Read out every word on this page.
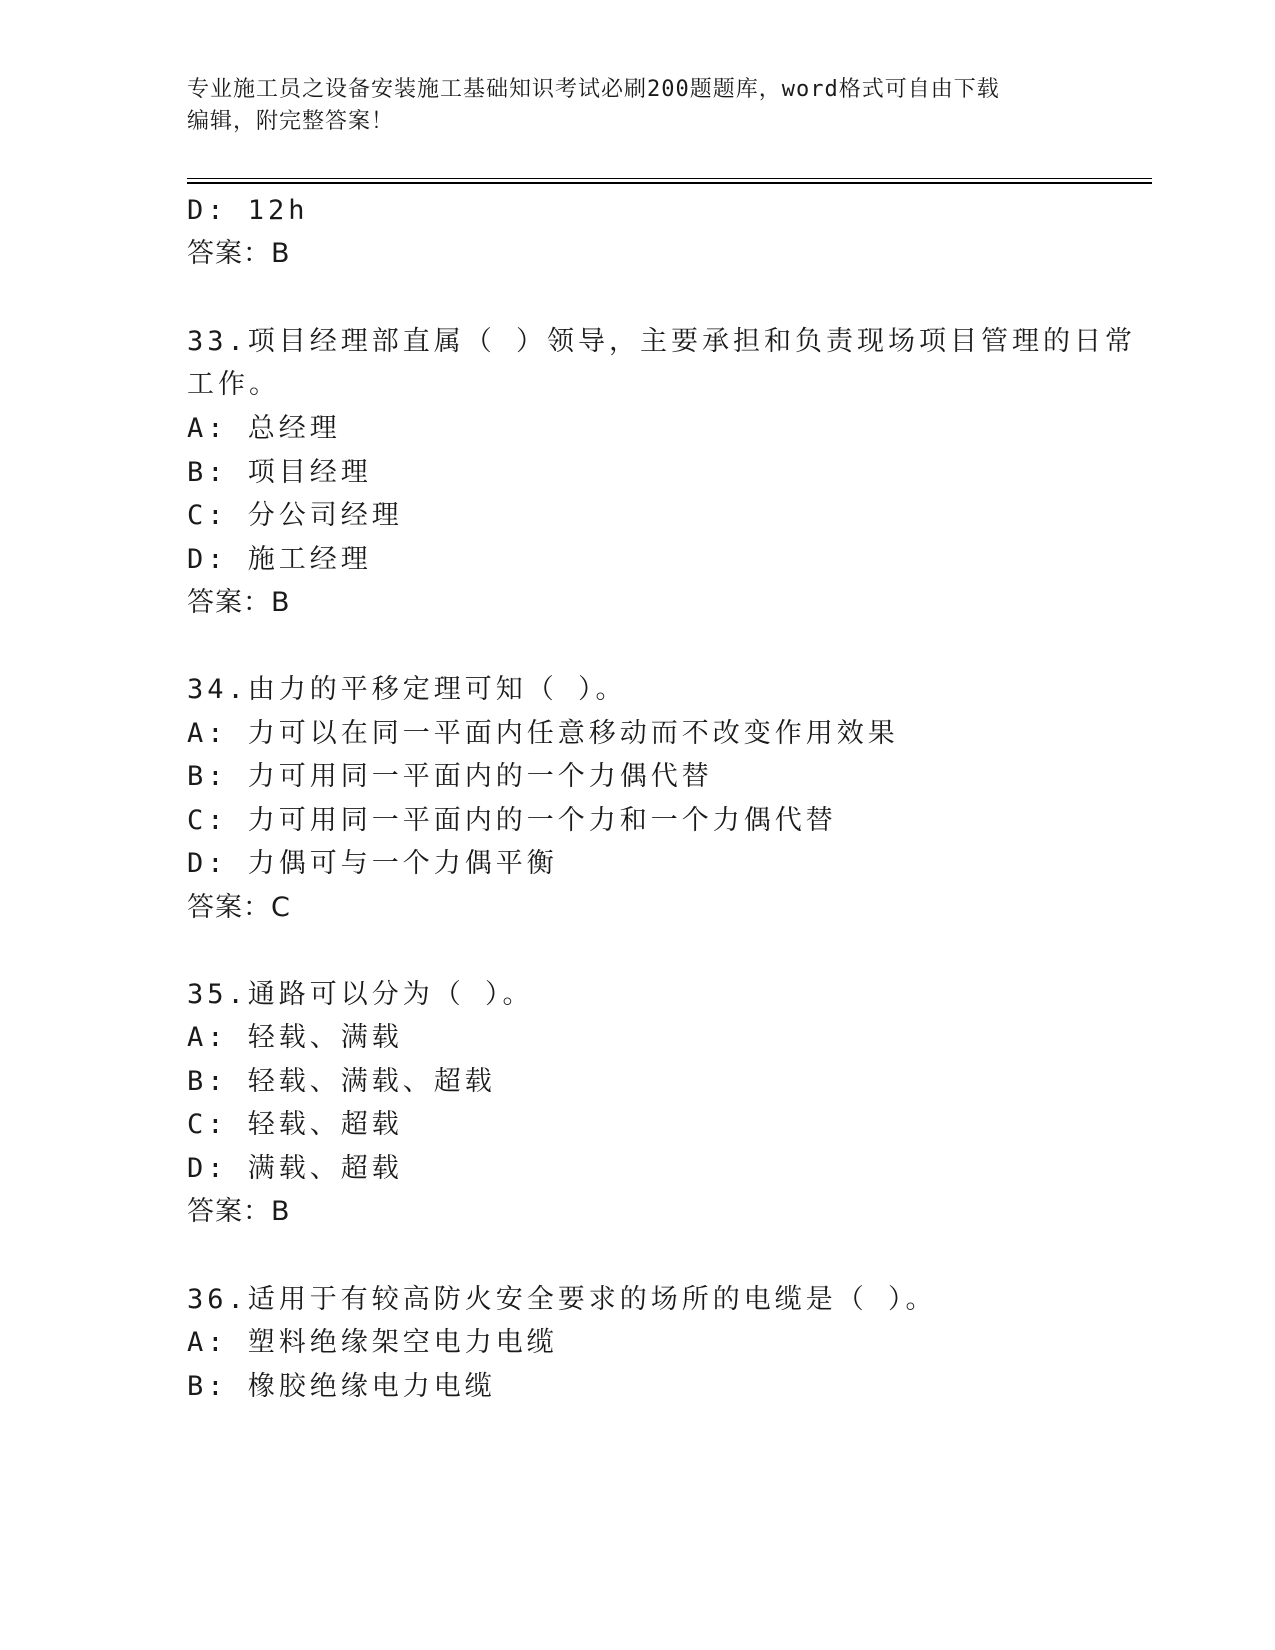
专业施工员之设备安装施工基础知识考试必刷200题题库，word格式可自由下载
编辑，附完整答案！
D: 12h
答案：B
33.项目经理部直属（ ）领导，主要承担和负责现场项目管理的日常
工作。
A: 总经理
B: 项目经理
C: 分公司经理
D: 施工经理
答案：B
34.由力的平移定理可知（ ）。
A: 力可以在同一平面内任意移动而不改变作用效果
B: 力可用同一平面内的一个力偶代替
C: 力可用同一平面内的一个力和一个力偶代替
D: 力偶可与一个力偶平衡
答案：C
35.通路可以分为（ ）。
A: 轻载、满载
B: 轻载、满载、超载
C: 轻载、超载
D: 满载、超载
答案：B
36.适用于有较高防火安全要求的场所的电缆是（ ）。
A: 塑料绝缘架空电力电缆
B: 橡胶绝缘电力电缆
